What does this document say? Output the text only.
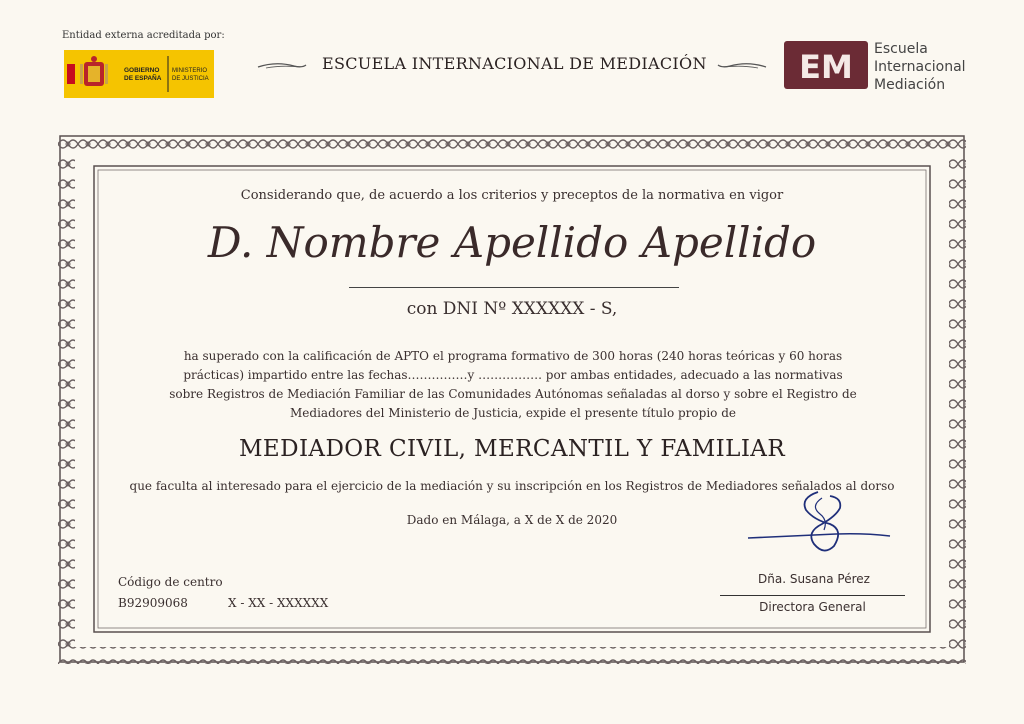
Entidad externa acreditada por:
GOBIERNO
DE ESPAÑA
MINISTERIO
DE JUSTICIA
ESCUELA INTERNACIONAL DE MEDIACIÓN	EM Escuela
Internacional
Mediación
Considerando que, de acuerdo a los criterios y preceptos de la normativa en vigor
D. Nombre Apellido Apellido
con DNI Nº XXXXXX - S,
ha superado con la calificación de APTO el programa formativo de 300 horas (240 horas teóricas y 60 horas prácticas) impartido entre las fechas……………y ……………. por ambas entidades, adecuado a las normativas sobre Registros de Mediación Familiar de las Comunidades Autónomas señaladas al dorso y sobre el Registro de Mediadores del Ministerio de Justicia, expide el presente título propio de
MEDIADOR CIVIL, MERCANTIL Y FAMILIAR
que faculta al interesado para el ejercicio de la mediación y su inscripción en los Registros de Mediadores señalados al dorso
Dado en Málaga, a X de X de 2020
Código de centro
B92909068	X - XX - XXXXXX
Dña. Susana Pérez
Directora General
